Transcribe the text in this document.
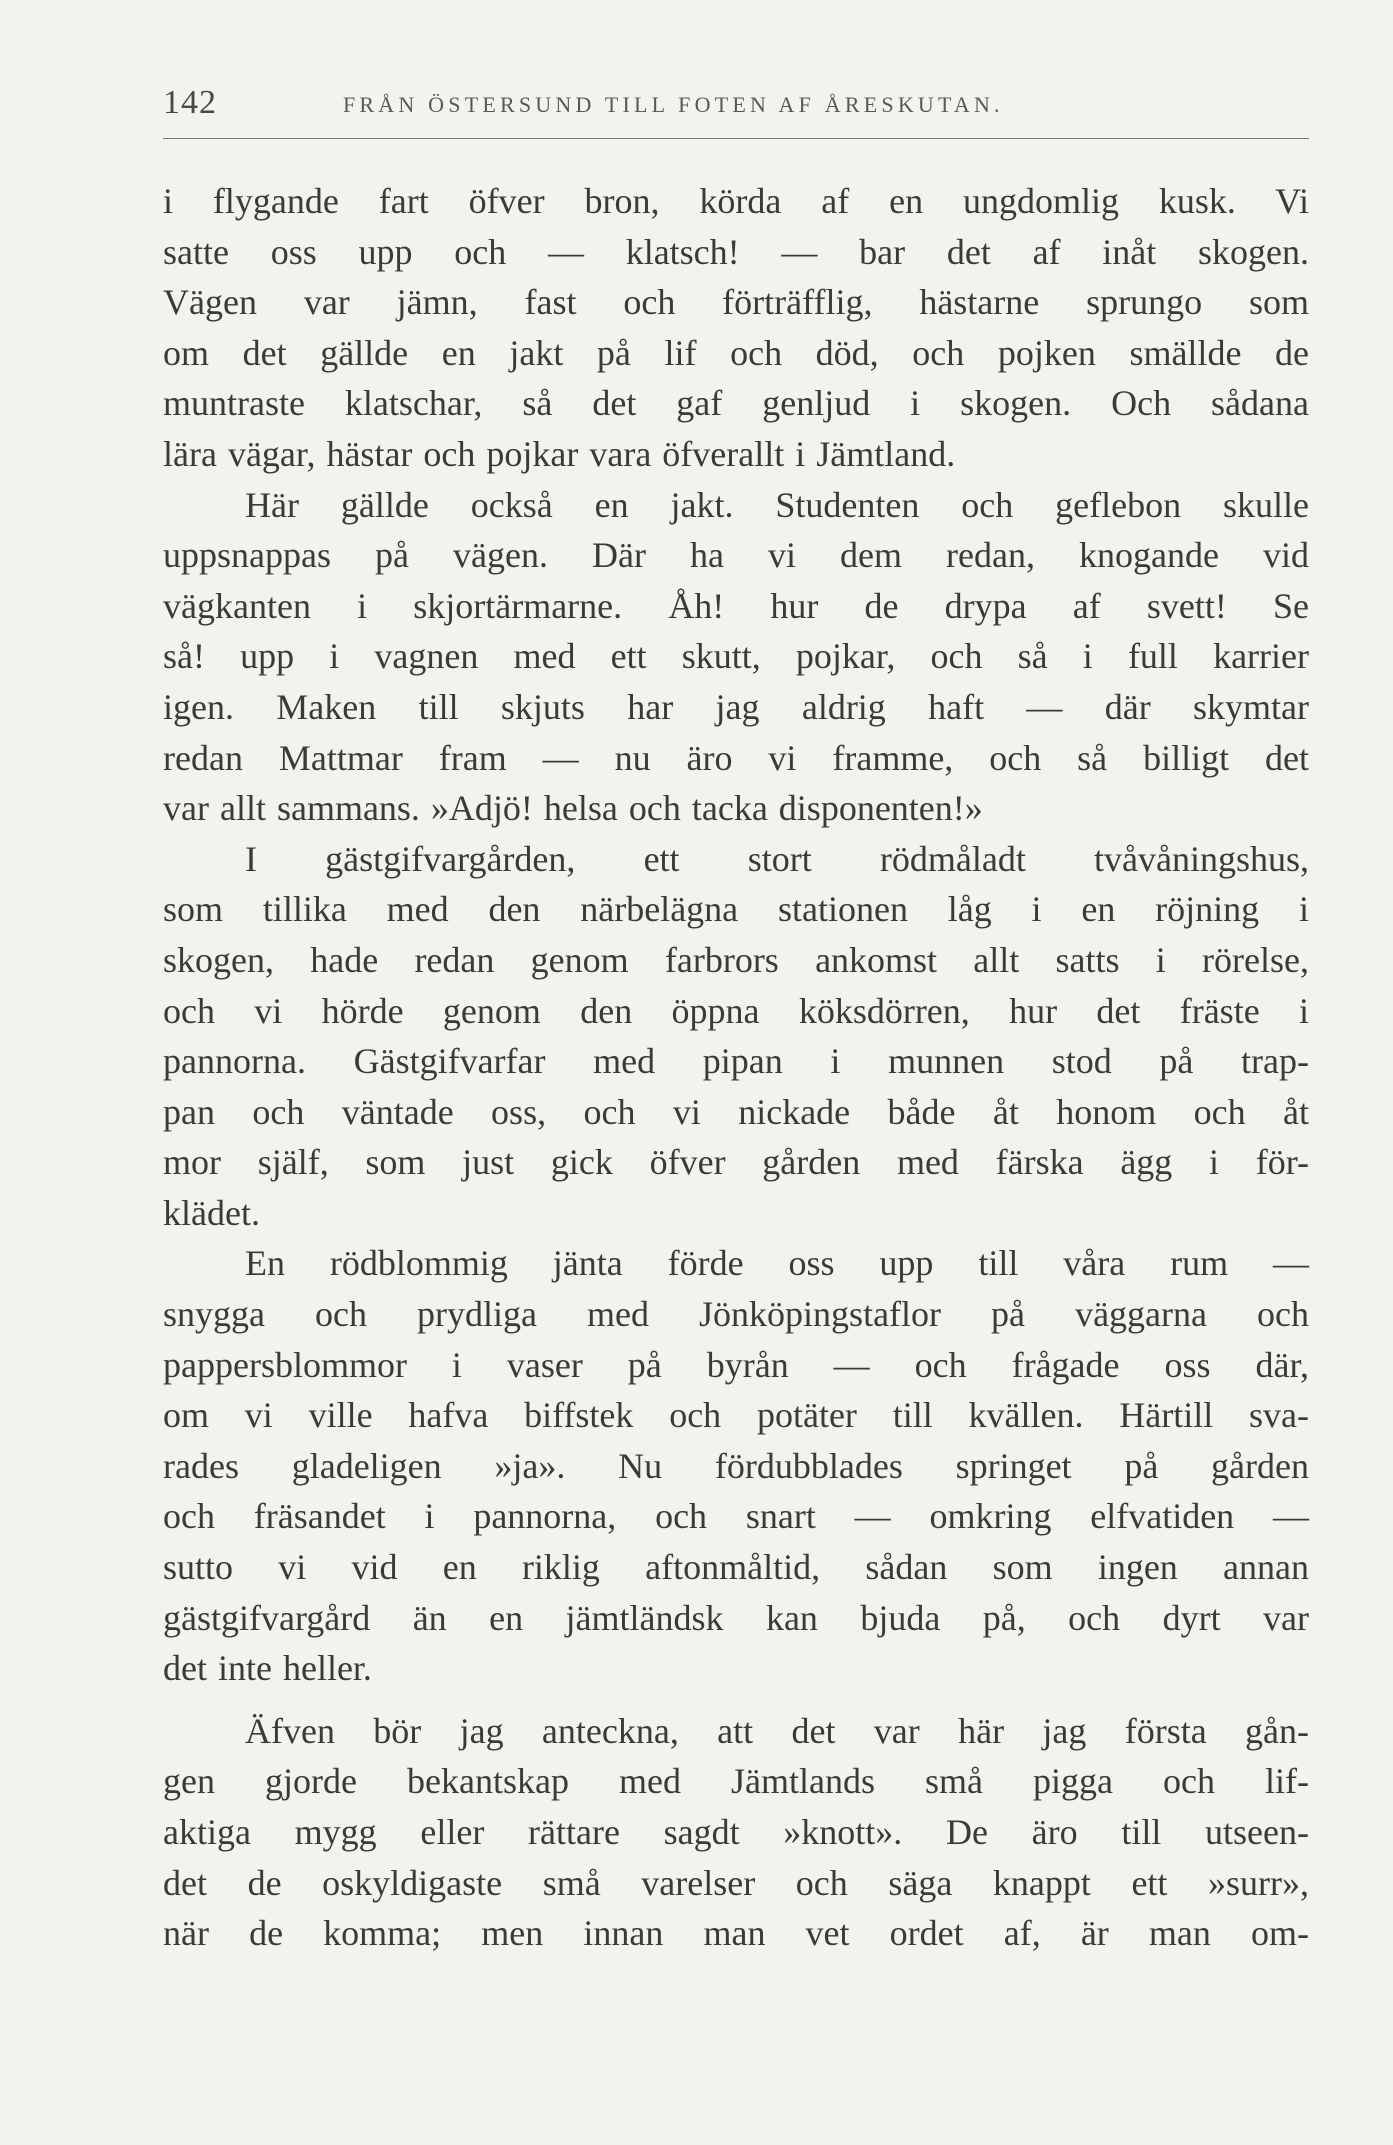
142	FRÅN ÖSTERSUND TILL FOTEN AF ÅRESKUTAN.
i flygande fart öfver bron, körda af en ungdomlig kusk. Vi
satte oss upp och — klatsch! — bar det af inåt skogen.
Vägen var jämn, fast och förträfflig, hästarne sprungo som
om det gällde en jakt på lif och död, och pojken smällde de
muntraste klatschar, så det gaf genljud i skogen. Och sådana
lära vägar, hästar och pojkar vara öfverallt i Jämtland.
Här gällde också en jakt. Studenten och geflebon skulle
uppsnappas på vägen. Där ha vi dem redan, knogande vid
vägkanten i skjortärmarne. Åh! hur de drypa af svett! Se
så! upp i vagnen med ett skutt, pojkar, och så i full karrier
igen. Maken till skjuts har jag aldrig haft — där skymtar
redan Mattmar fram — nu äro vi framme, och så billigt det
var allt sammans. »Adjö! helsa och tacka disponenten!»
I gästgifvargården, ett stort rödmåladt tvåvåningshus,
som tillika med den närbelägna stationen låg i en röjning i
skogen, hade redan genom farbrors ankomst allt satts i rörelse,
och vi hörde genom den öppna köksdörren, hur det fräste i
pannorna. Gästgifvarfar med pipan i munnen stod på trap-
pan och väntade oss, och vi nickade både åt honom och åt
mor själf, som just gick öfver gården med färska ägg i för-
klädet.
En rödblommig jänta förde oss upp till våra rum —
snygga och prydliga med Jönköpingstaflor på väggarna och
pappersblommor i vaser på byrån — och frågade oss där,
om vi ville hafva biffstek och potäter till kvällen. Härtill sva-
rades gladeligen »ja». Nu fördubblades springet på gården
och fräsandet i pannorna, och snart — omkring elfvatiden —
sutto vi vid en riklig aftonmåltid, sådan som ingen annan
gästgifvargård än en jämtländsk kan bjuda på, och dyrt var
det inte heller.
Äfven bör jag anteckna, att det var här jag första gån-
gen gjorde bekantskap med Jämtlands små pigga och lif-
aktiga mygg eller rättare sagdt »knott». De äro till utseen-
det de oskyldigaste små varelser och säga knappt ett »surr»,
när de komma; men innan man vet ordet af, är man om-
